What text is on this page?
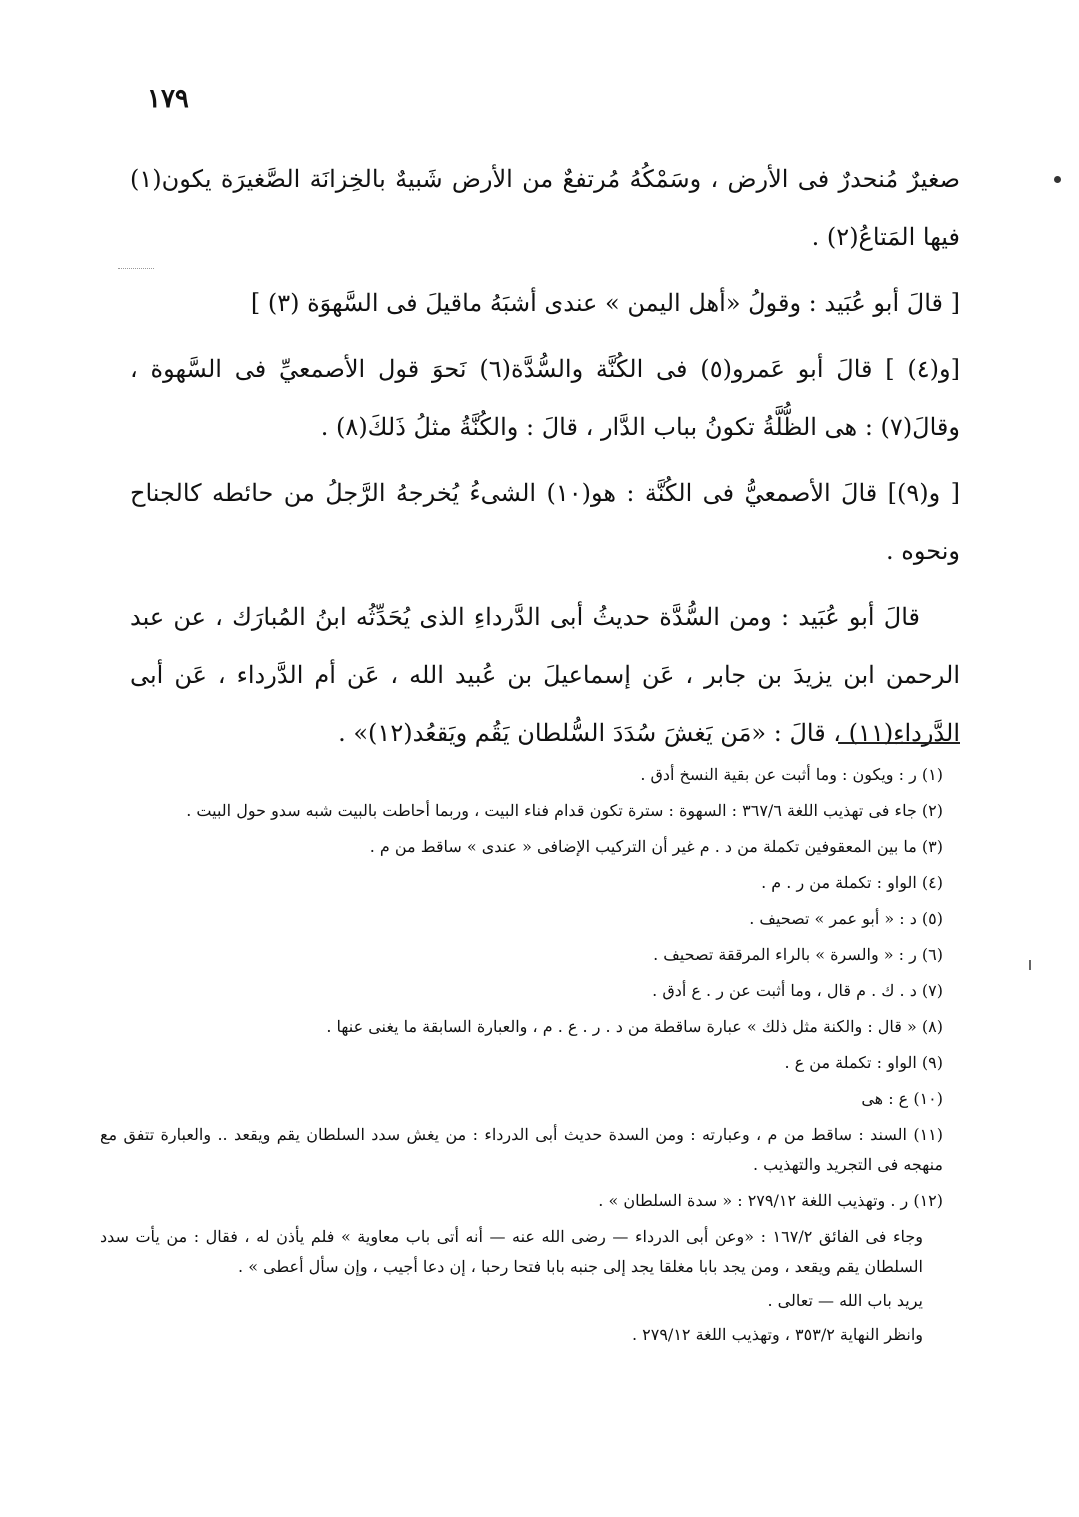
١٧٩

صغيرٌ مُنحدرٌ فى الأرض ، وسَمْكُهُ مُرتفعٌ من الأرض شَبيهٌ بالخِزانَة الصَّغيرَة يكون(١) فيها المَتاعُ(٢) .

[ قالَ أبو عُبَيد : وقولُ «أهل اليمن » عندى أشبَهُ ماقيلَ فى السَّهوَة (٣) ]

[و(٤) ] قالَ أبو عَمرو(٥) فى الكُنَّة والسُّدَّة(٦) نَحوَ قول الأصمعيِّ فى السَّهوة ، وقالَ(٧) : هى الظُّلَّةُ تكونُ بباب الدَّار ، قالَ : والكُنَّةُ مثلُ ذَلكَ(٨) .

[ و(٩)] قالَ الأصمعيُّ فى الكُنَّة : هو(١٠) الشىءُ يُخرجهُ الرَّجلُ من حائطه كالجناح ونحوه .

قالَ أبو عُبَيد : ومن السُّدَّة حديثُ أبى الدَّرداءِ الذى يُحَدِّثُه ابنُ المُبارَك ، عن عبد الرحمن ابن يزيدَ بن جابر ، عَن إسماعيلَ بن عُبيد الله ، عَن أم الدَّرداء ، عَن أبى الدَّرداءِ(١١) ، قالَ : «مَن يَغشَ سُدَدَ السُّلطان يَقُم ويَقعُد(١٢)» .

(١) ر : ويكون : وما أثبت عن بقية النسخ أدق .

(٢) جاء فى تهذيب اللغة ٣٦٧/٦ : السهوة : سترة تكون قدام فناء البيت ، وربما أحاطت بالبيت شبه سدو حول البيت .

(٣) ما بين المعقوفين تكملة من د . م غير أن التركيب الإضافى « عندى » ساقط من م .

(٤) الواو : تكملة من ر . م .

(٥) د : « أبو عمر » تصحيف .

(٦) ر : « والسرة » بالراء المرققة تصحيف .

(٧) د . ك . م قال ، وما أثبت عن ر . ع أدق .

(٨) « قال : والكنة مثل ذلك » عبارة ساقطة من د . ر . ع . م ، والعبارة السابقة ما يغنى عنها .

(٩) الواو : تكملة من ع .

(١٠) ع : هى

(١١) السند : ساقط من م ، وعبارته : ومن السدة حديث أبى الدرداء : من يغش سدد السلطان يقم ويقعد .. والعبارة تتفق مع منهجه فى التجريد والتهذيب .

(١٢) ر . وتهذيب اللغة ٢٧٩/١٢ : « سدة السلطان » .

وجاء فى الفائق ١٦٧/٢ : «وعن أبى الدرداء — رضى الله عنه — أنه أتى باب معاوية » فلم يأذن له ، فقال : من يأت سدد السلطان يقم ويقعد ، ومن يجد بابا مغلقا يجد إلى جنبه بابا فتحا رحبا ، إن دعا أجيب ، وإن سأل أعطى » .

يريد باب الله — تعالى .

وانظر النهاية ٣٥٣/٢ ، وتهذيب اللغة ٢٧٩/١٢ .
